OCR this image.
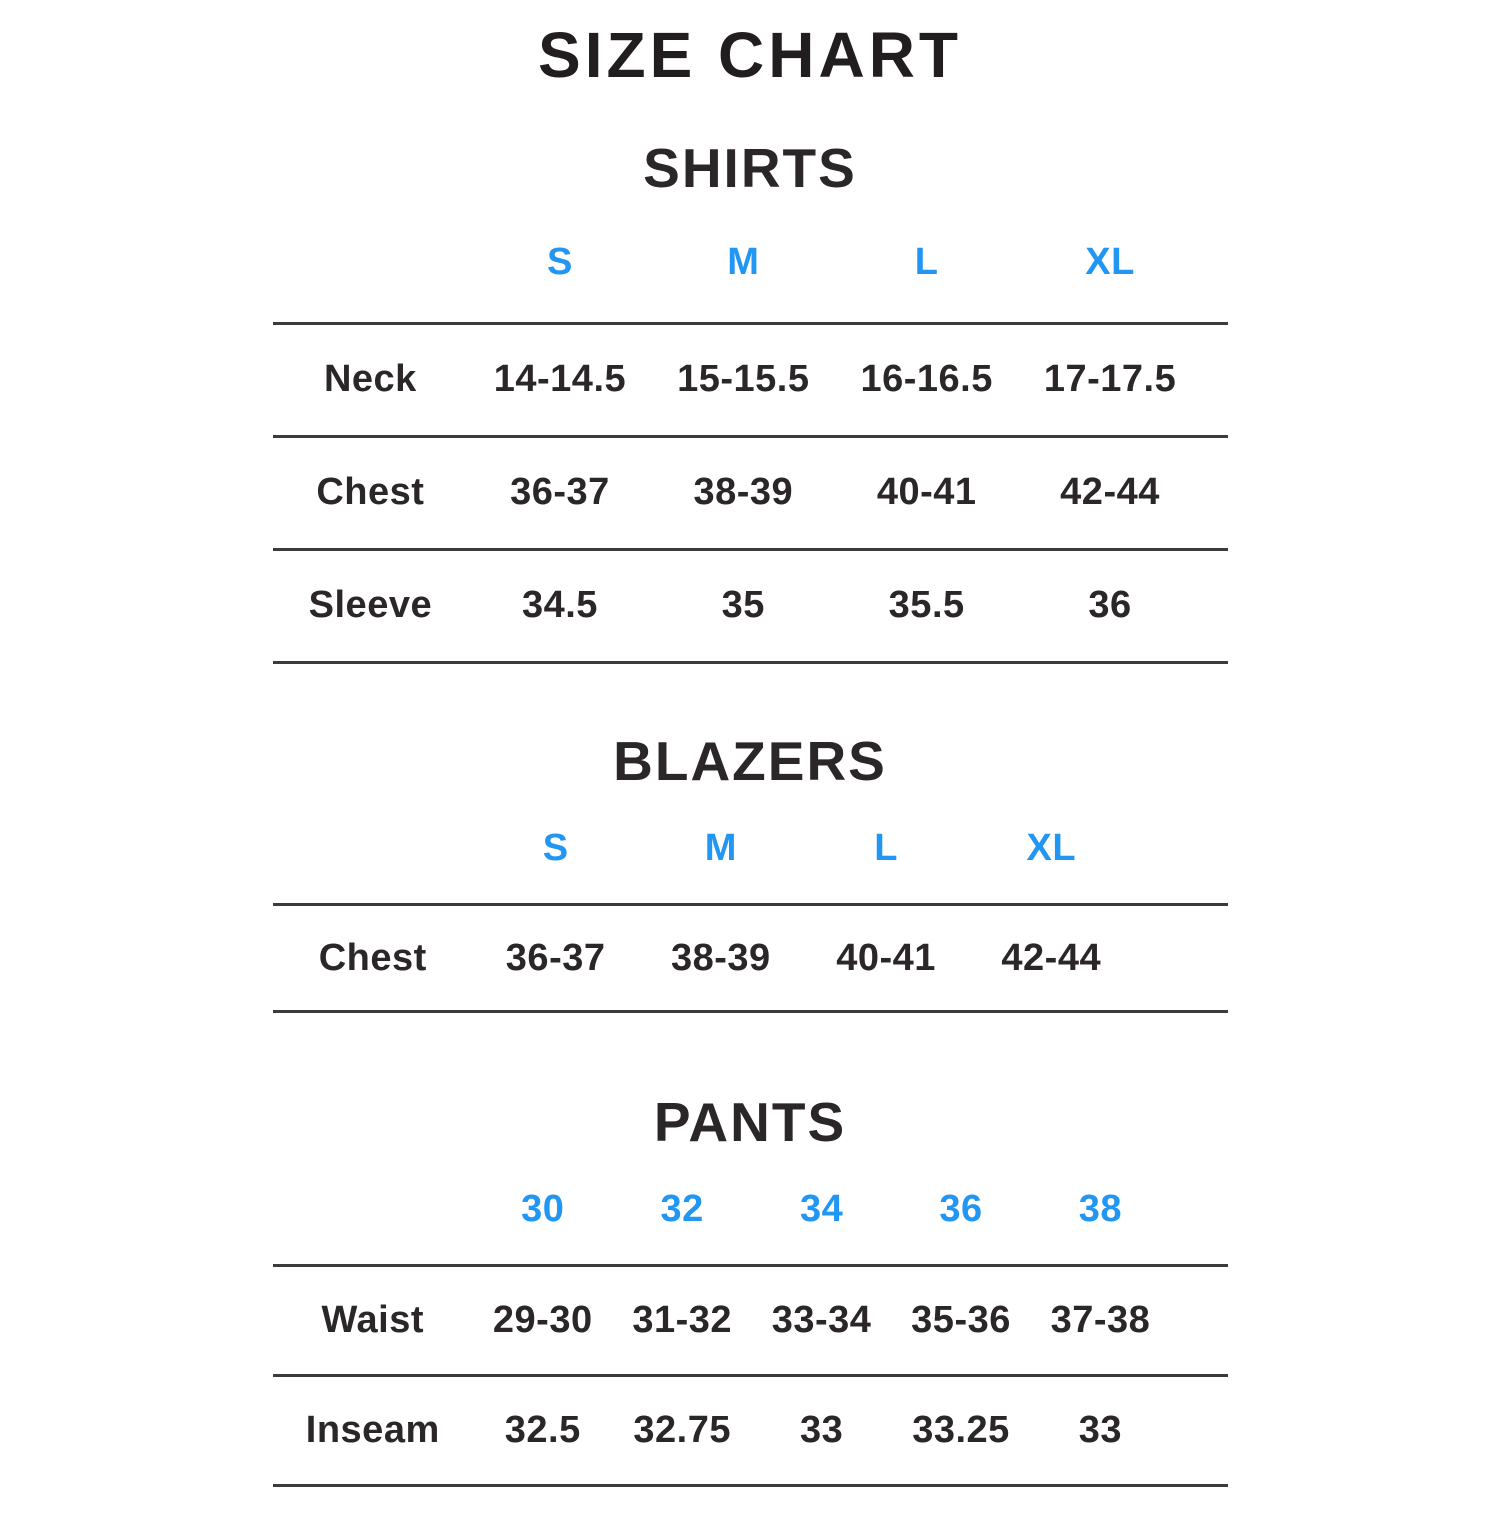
SIZE CHART
SHIRTS
	S	M	L	XL	
Neck	14-14.5	15-15.5	16-16.5	17-17.5	
Chest	36-37	38-39	40-41	42-44	
Sleeve	34.5	35	35.5	36	
BLAZERS
	S	M	L	XL	
Chest	36-37	38-39	40-41	42-44	
PANTS
	30	32	34	36	38	
Waist	29-30	31-32	33-34	35-36	37-38	
Inseam	32.5	32.75	33	33.25	33	
